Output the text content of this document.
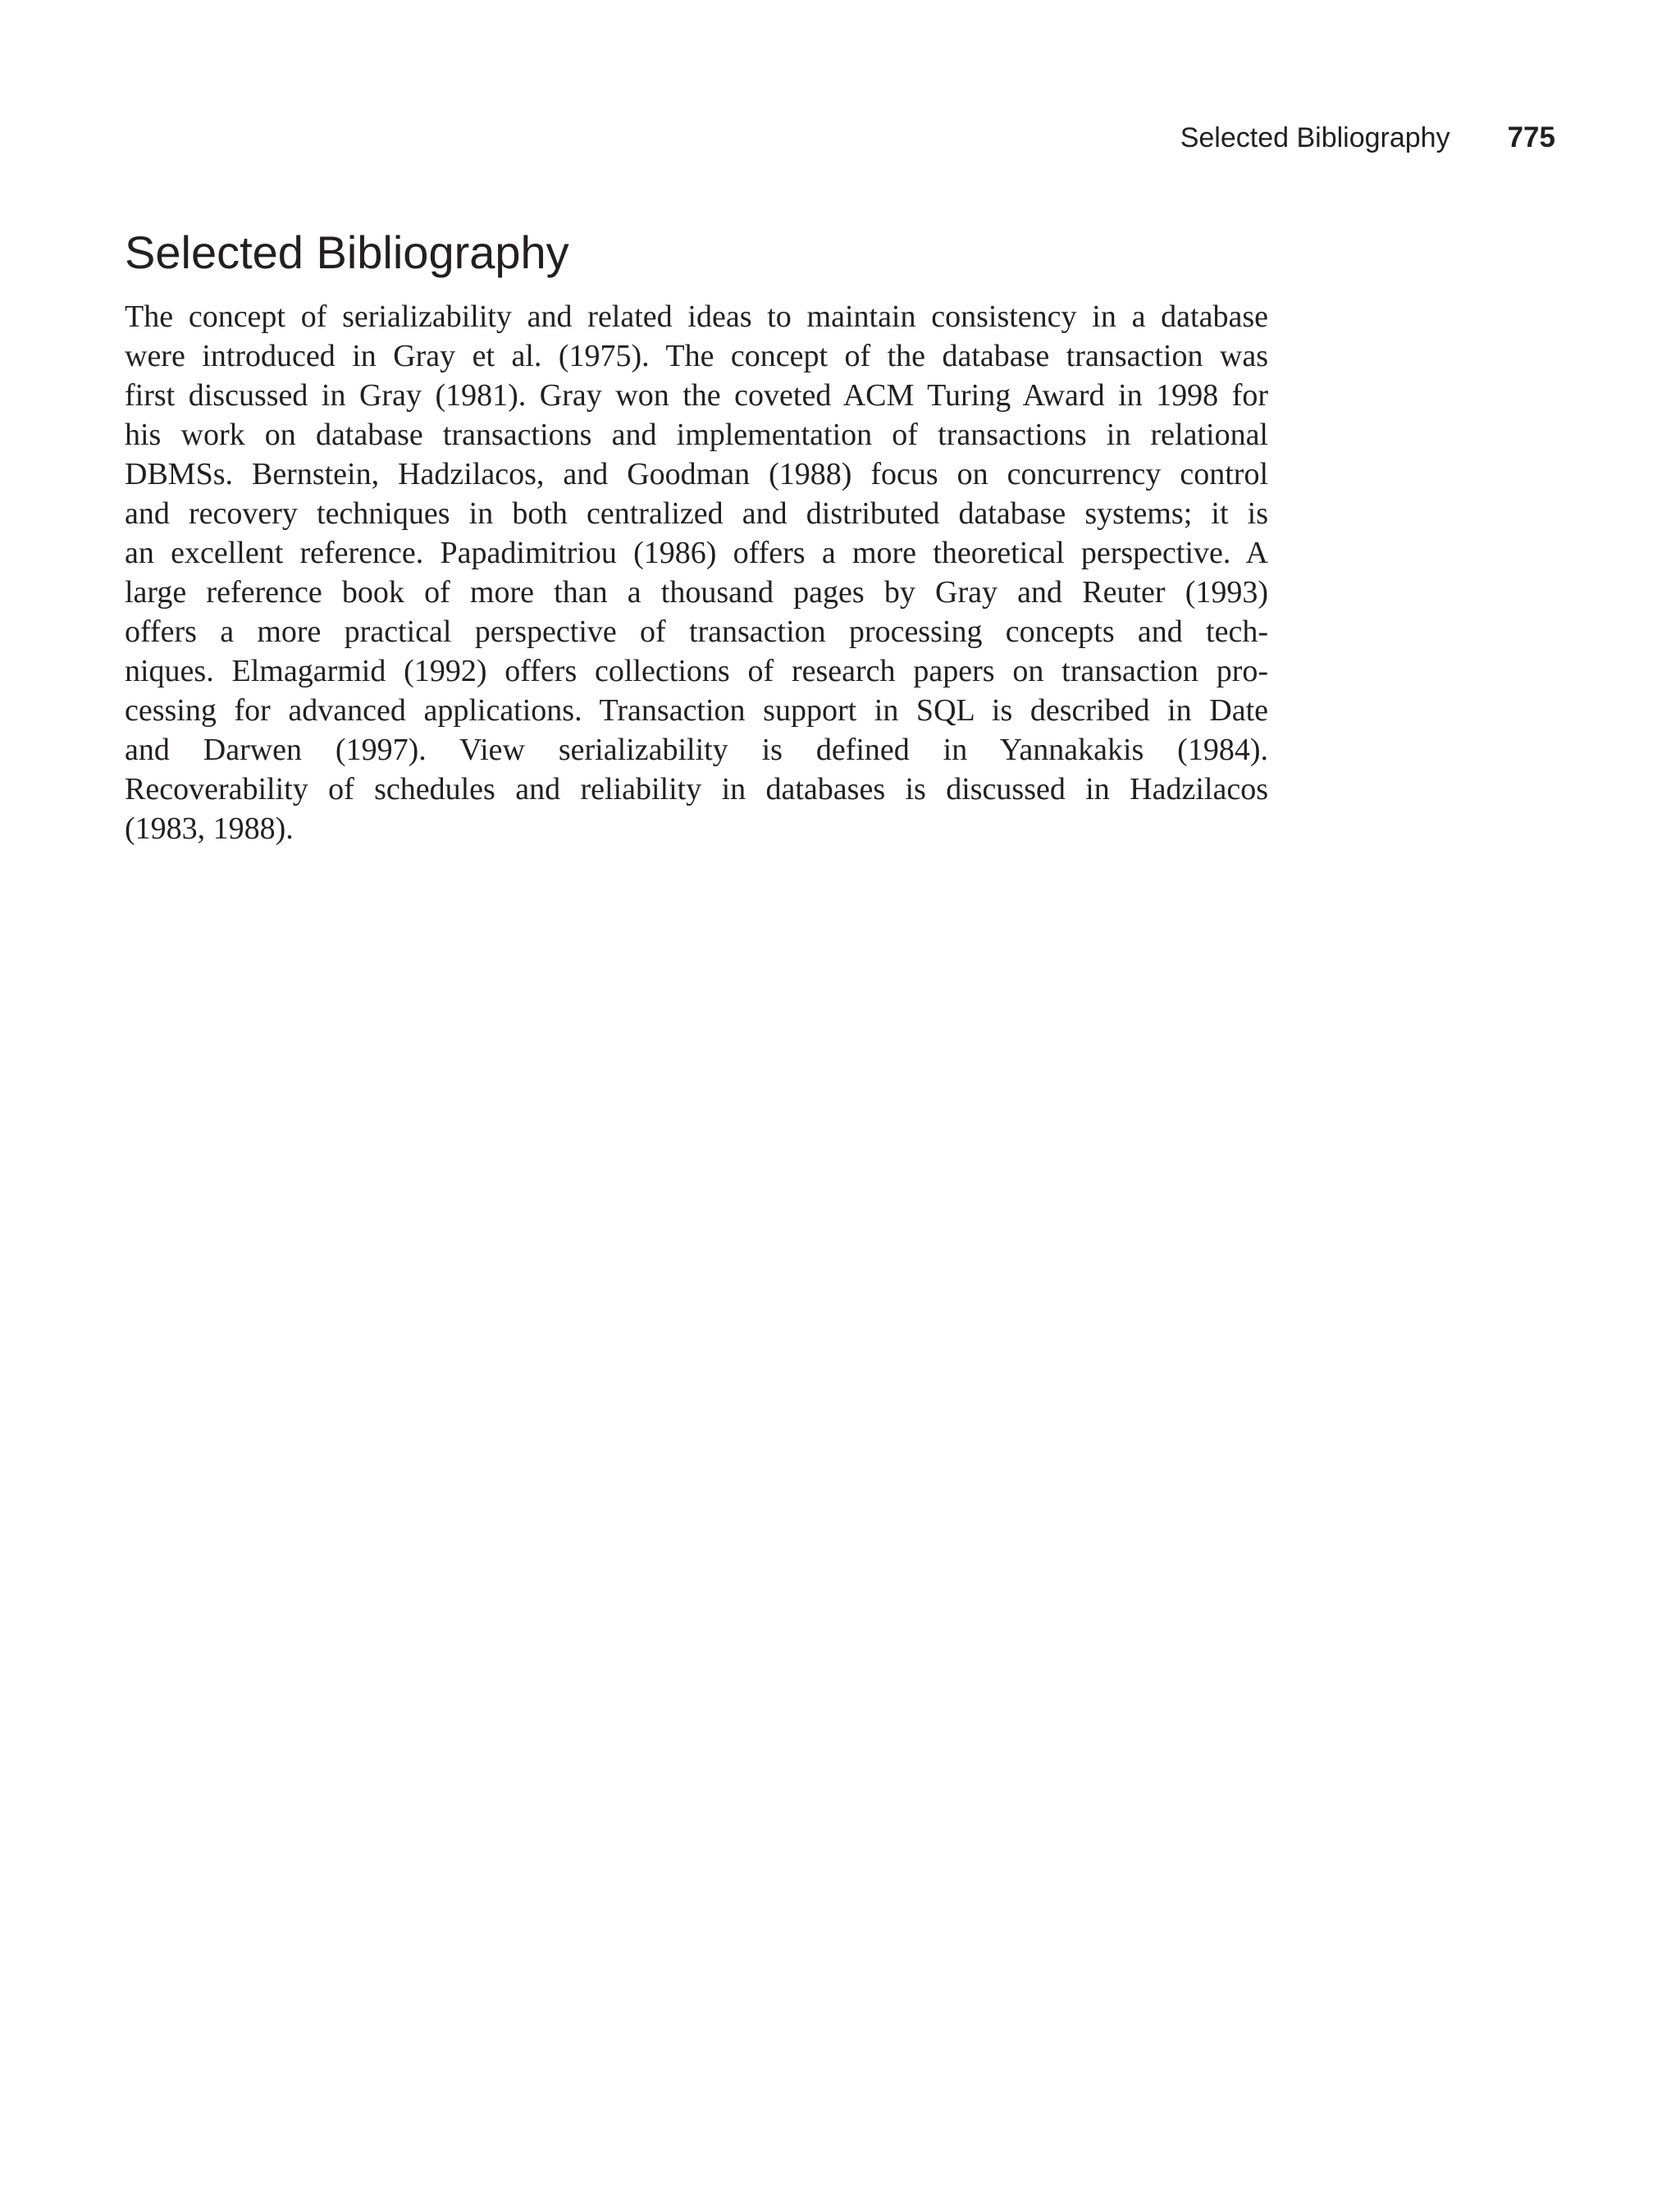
Selected Bibliography 775
Selected Bibliography
The concept of serializability and related ideas to maintain consistency in a database
were introduced in Gray et al. (1975). The concept of the database transaction was
first discussed in Gray (1981). Gray won the coveted ACM Turing Award in 1998 for
his work on database transactions and implementation of transactions in relational
DBMSs. Bernstein, Hadzilacos, and Goodman (1988) focus on concurrency control
and recovery techniques in both centralized and distributed database systems; it is
an excellent reference. Papadimitriou (1986) offers a more theoretical perspective. A
large reference book of more than a thousand pages by Gray and Reuter (1993)
offers a more practical perspective of transaction processing concepts and tech-
niques. Elmagarmid (1992) offers collections of research papers on transaction pro-
cessing for advanced applications. Transaction support in SQL is described in Date
and Darwen (1997). View serializability is defined in Yannakakis (1984).
Recoverability of schedules and reliability in databases is discussed in Hadzilacos
(1983, 1988).
